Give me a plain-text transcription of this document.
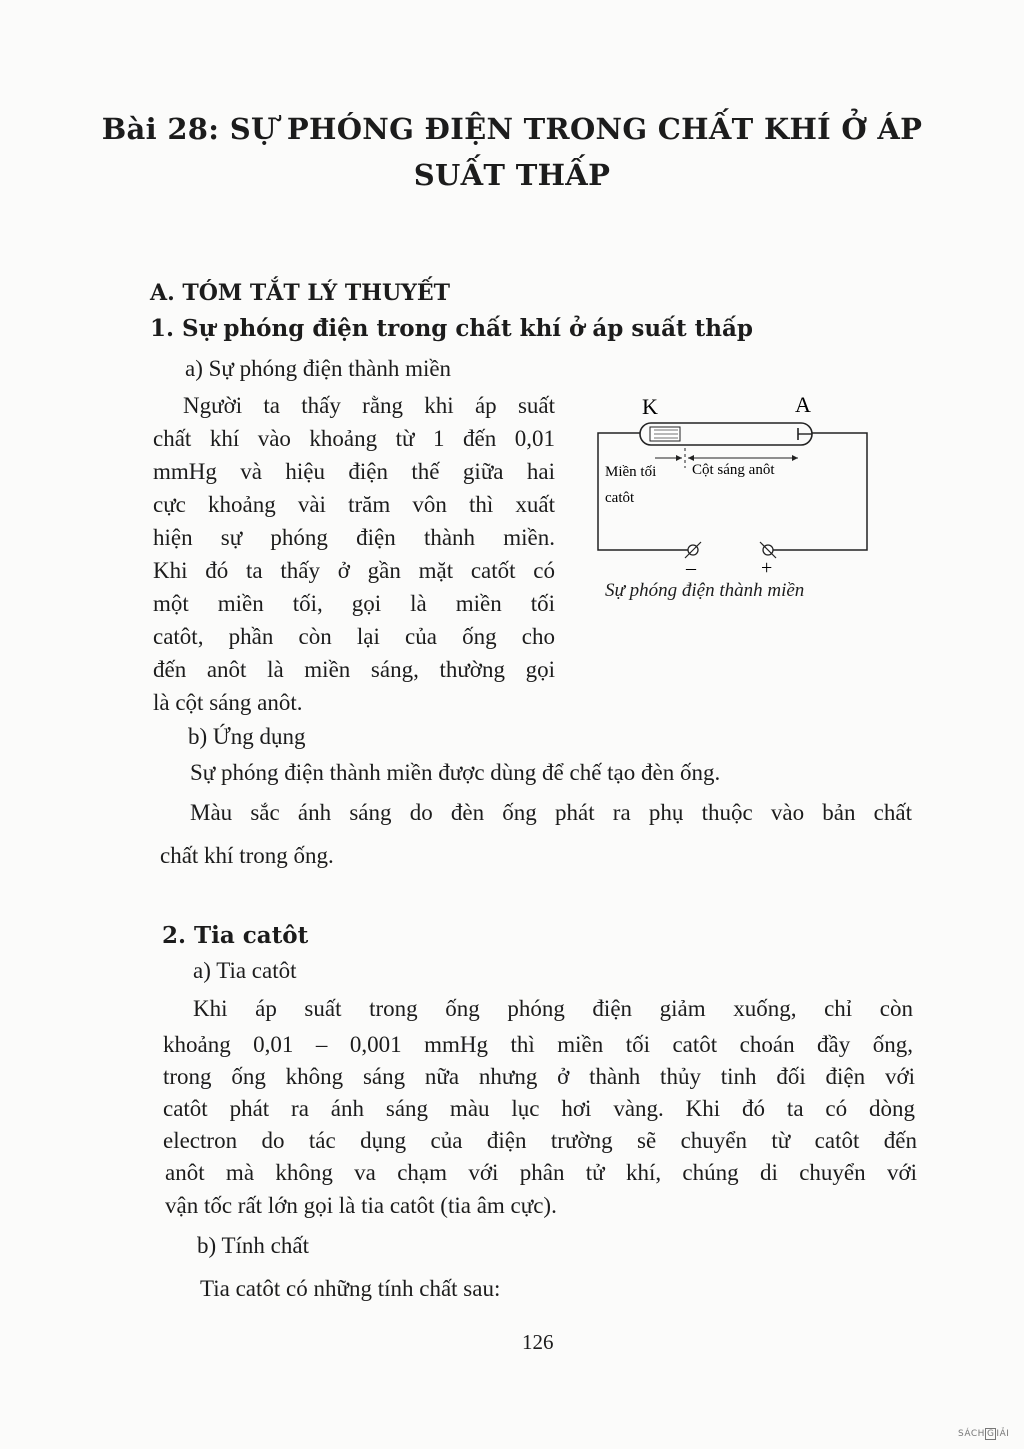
Bài 28: SỰ PHÓNG ĐIỆN TRONG CHẤT KHÍ Ở ÁP
SUẤT THẤP
A. TÓM TẮT LÝ THUYẾT
1. Sự phóng điện trong chất khí ở áp suất thấp
a) Sự phóng điện thành miền
Người ta thấy rằng khi áp suất
chất khí vào khoảng từ 1 đến 0,01
mmHg và hiệu điện thế giữa hai
cực khoảng vài trăm vôn thì xuất
hiện sự phóng điện thành miền.
Khi đó ta thấy ở gần mặt catốt có
một miền tối, gọi là miền tối
catôt, phần còn lại của ống cho
đến anôt là miền sáng, thường gọi
là cột sáng anôt.
K	A
Miền tối
catôt
Cột sáng anôt
–	+
Sự phóng điện thành miền
b) Ứng dụng
Sự phóng điện thành miền được dùng để chế tạo đèn ống.
Màu sắc ánh sáng do đèn ống phát ra phụ thuộc vào bản chất
chất khí trong ống.
2. Tia catôt
a) Tia catôt
Khi áp suất trong ống phóng điện giảm xuống, chỉ còn
khoảng 0,01 – 0,001 mmHg thì miền tối catôt choán đầy ống,
trong ống không sáng nữa nhưng ở thành thủy tinh đối điện với
catôt phát ra ánh sáng màu lục hơi vàng. Khi đó ta có dòng
electron do tác dụng của điện trường sẽ chuyển từ catôt đến
anôt mà không va chạm với phân tử khí, chúng di chuyển với
vận tốc rất lớn gọi là tia catôt (tia âm cực).
b) Tính chất
Tia catôt có những tính chất sau:
126
SÁCH G IẢI
